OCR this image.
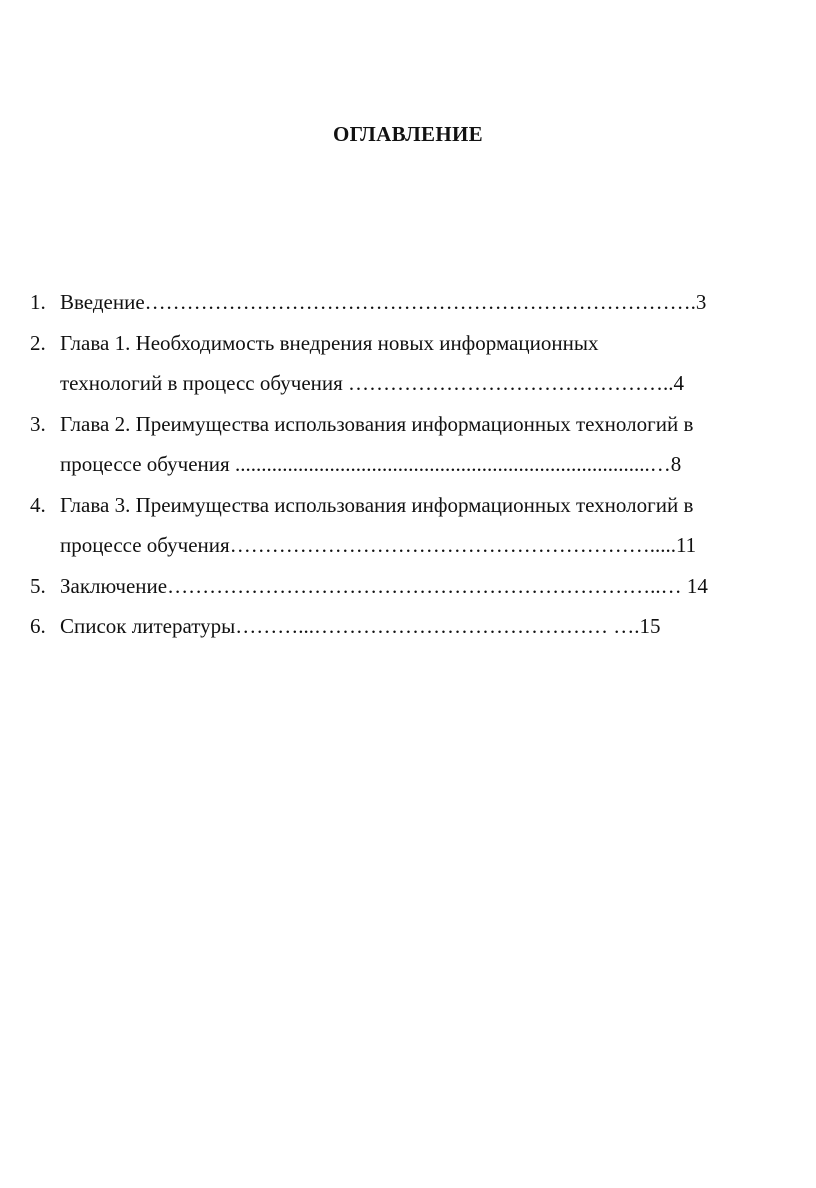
ОГЛАВЛЕНИЕ
1. Введение…………………………………………………………………….3
2. Глава 1. Необходимость внедрения новых информационных
технологий в процесс обучения ………………………………………..4
3. Глава 2. Преимущества использования информационных технологий в
процессе обучения ...............................................................................…8
4. Глава 3. Преимущества использования информационных технологий в
процессе обучения…………………………………………………….....11
5. Заключение……………………………………………………………..… 14
6. Список литературы………...…………………………………… ….15
